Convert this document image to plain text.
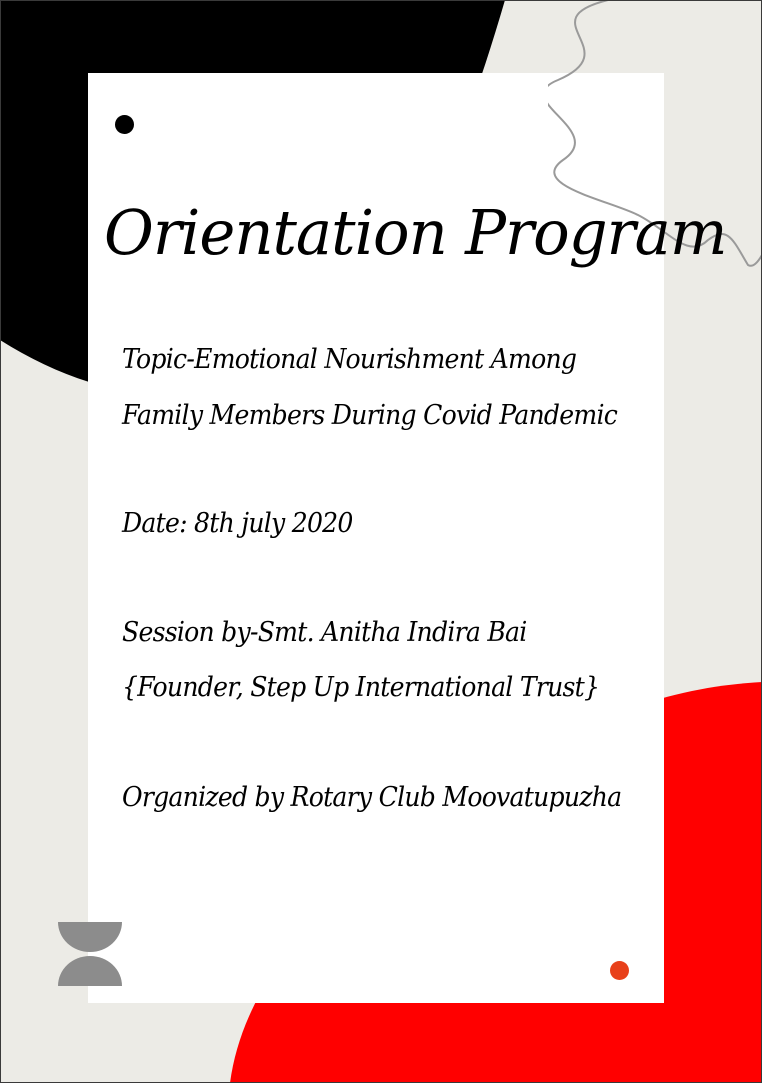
Orientation Program

Topic-Emotional Nourishment Among

Family Members During Covid Pandemic

Date: 8th july 2020

Session by-Smt. Anitha Indira Bai

{Founder, Step Up International Trust}

Organized by Rotary Club Moovatupuzha
